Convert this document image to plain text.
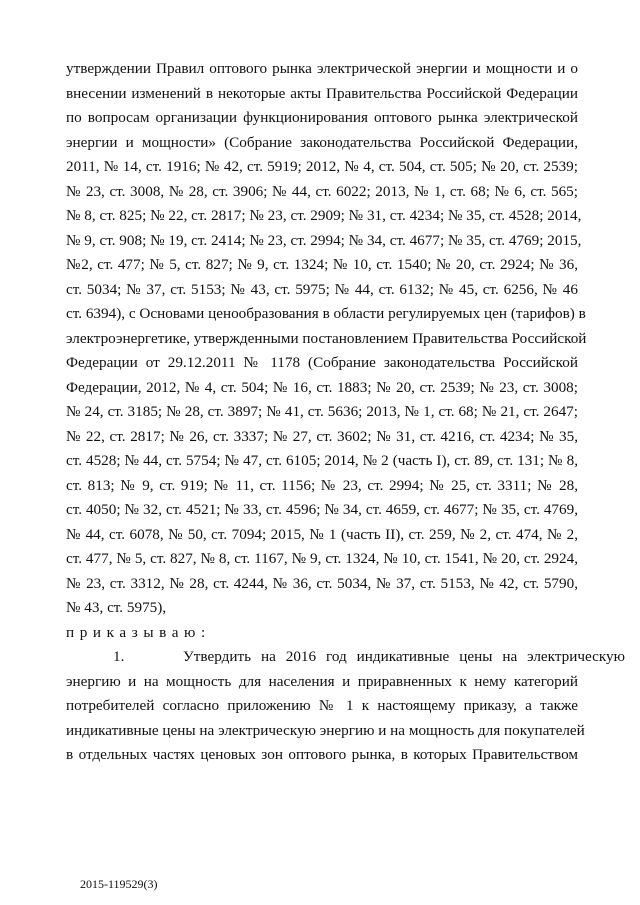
утверждении Правил оптового рынка электрической энергии и мощности и о
внесении изменений в некоторые акты Правительства Российской Федерации
по вопросам организации функционирования оптового рынка электрической
энергии и мощности» (Собрание законодательства Российской Федерации,
2011, № 14, ст. 1916; № 42, ст. 5919; 2012, № 4, ст. 504, ст. 505; № 20, ст. 2539;
№ 23, ст. 3008, № 28, ст. 3906; № 44, ст. 6022; 2013, № 1, ст. 68; № 6, ст. 565;
№ 8, ст. 825; № 22, ст. 2817; № 23, ст. 2909; № 31, ст. 4234; № 35, ст. 4528; 2014,
№ 9, ст. 908; № 19, ст. 2414; № 23, ст. 2994; № 34, ст. 4677; № 35, ст. 4769; 2015,
№2, ст. 477; № 5, ст. 827; № 9, ст. 1324; № 10, ст. 1540; № 20, ст. 2924; № 36,
ст. 5034; № 37, ст. 5153; № 43, ст. 5975; № 44, ст. 6132; № 45, ст. 6256, № 46
ст. 6394), с Основами ценообразования в области регулируемых цен (тарифов) в
электроэнергетике, утвержденными постановлением Правительства Российской
Федерации от 29.12.2011 № 1178 (Собрание законодательства Российской
Федерации, 2012, № 4, ст. 504; № 16, ст. 1883; № 20, ст. 2539; № 23, ст. 3008;
№ 24, ст. 3185; № 28, ст. 3897; № 41, ст. 5636; 2013, № 1, ст. 68; № 21, ст. 2647;
№ 22, ст. 2817; № 26, ст. 3337; № 27, ст. 3602; № 31, ст. 4216, ст. 4234; № 35,
ст. 4528; № 44, ст. 5754; № 47, ст. 6105; 2014, № 2 (часть I), ст. 89, ст. 131; № 8,
ст. 813; № 9, ст. 919; № 11, ст. 1156; № 23, ст. 2994; № 25, ст. 3311; № 28,
ст. 4050; № 32, ст. 4521; № 33, ст. 4596; № 34, ст. 4659, ст. 4677; № 35, ст. 4769,
№ 44, ст. 6078, № 50, ст. 7094; 2015, № 1 (часть II), ст. 259, № 2, ст. 474, № 2,
ст. 477, № 5, ст. 827, № 8, ст. 1167, № 9, ст. 1324, № 10, ст. 1541, № 20, ст. 2924,
№ 23, ст. 3312, № 28, ст. 4244, № 36, ст. 5034, № 37, ст. 5153, № 42, ст. 5790,
№ 43, ст. 5975),
приказываю:
1.	Утвердить на 2016 год индикативные цены на электрическую
энергию и на мощность для населения и приравненных к нему категорий
потребителей согласно приложению № 1 к настоящему приказу, а также
индикативные цены на электрическую энергию и на мощность для покупателей
в отдельных частях ценовых зон оптового рынка, в которых Правительством
2015-119529(3)
